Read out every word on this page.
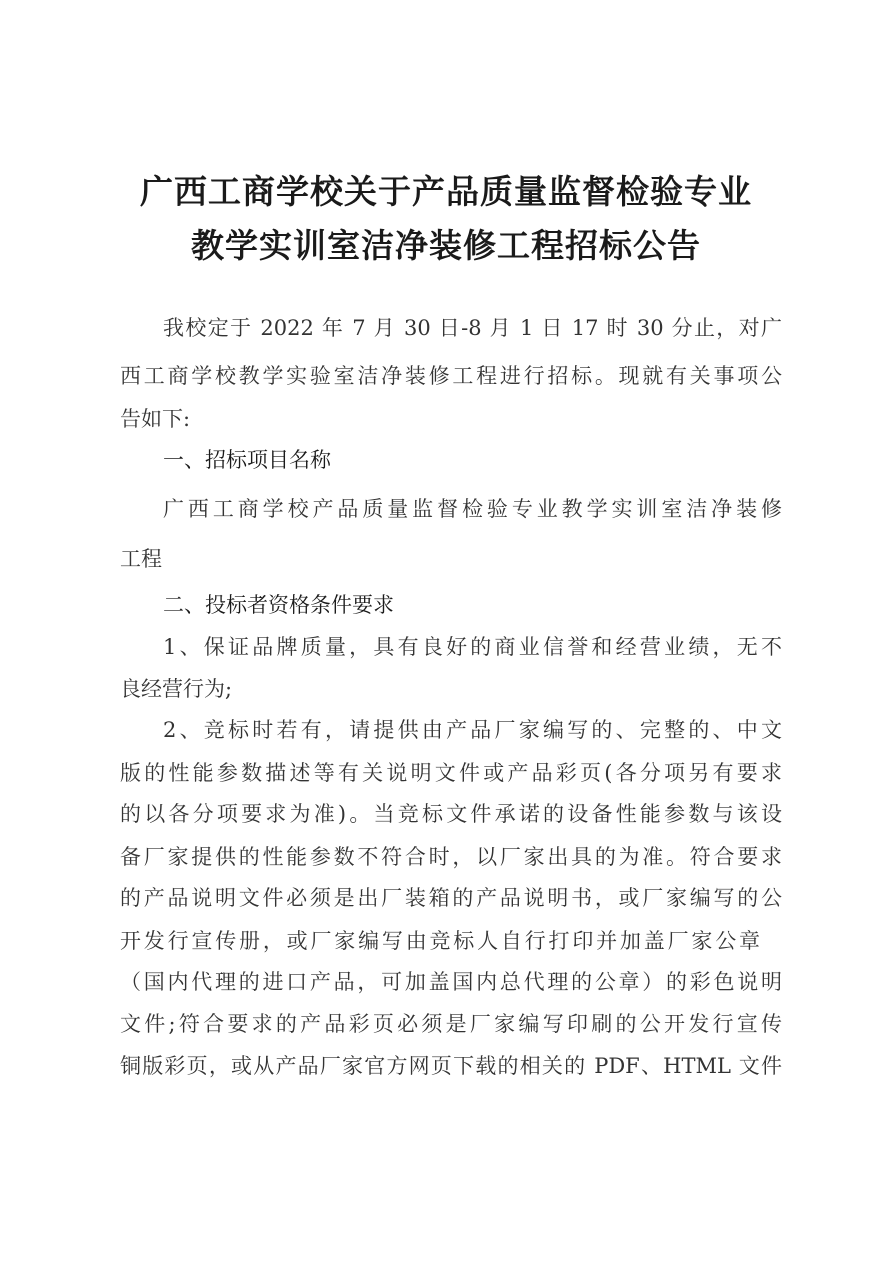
广西工商学校关于产品质量监督检验专业
教学实训室洁净装修工程招标公告
我校定于 2022 年 7 月 30 日-8 月 1 日 17 时 30 分止，对广
西工商学校教学实验室洁净装修工程进行招标。现就有关事项公
告如下:
一、招标项目名称
广西工商学校产品质量监督检验专业教学实训室洁净装修
工程
二、投标者资格条件要求
1、保证品牌质量，具有良好的商业信誉和经营业绩，无不
良经营行为;
2、竞标时若有，请提供由产品厂家编写的、完整的、中文
版的性能参数描述等有关说明文件或产品彩页(各分项另有要求
的以各分项要求为准)。当竞标文件承诺的设备性能参数与该设
备厂家提供的性能参数不符合时，以厂家出具的为准。符合要求
的产品说明文件必须是出厂装箱的产品说明书，或厂家编写的公
开发行宣传册，或厂家编写由竞标人自行打印并加盖厂家公章
（国内代理的进口产品，可加盖国内总代理的公章）的彩色说明
文件;符合要求的产品彩页必须是厂家编写印刷的公开发行宣传
铜版彩页，或从产品厂家官方网页下载的相关的 PDF、HTML 文件
